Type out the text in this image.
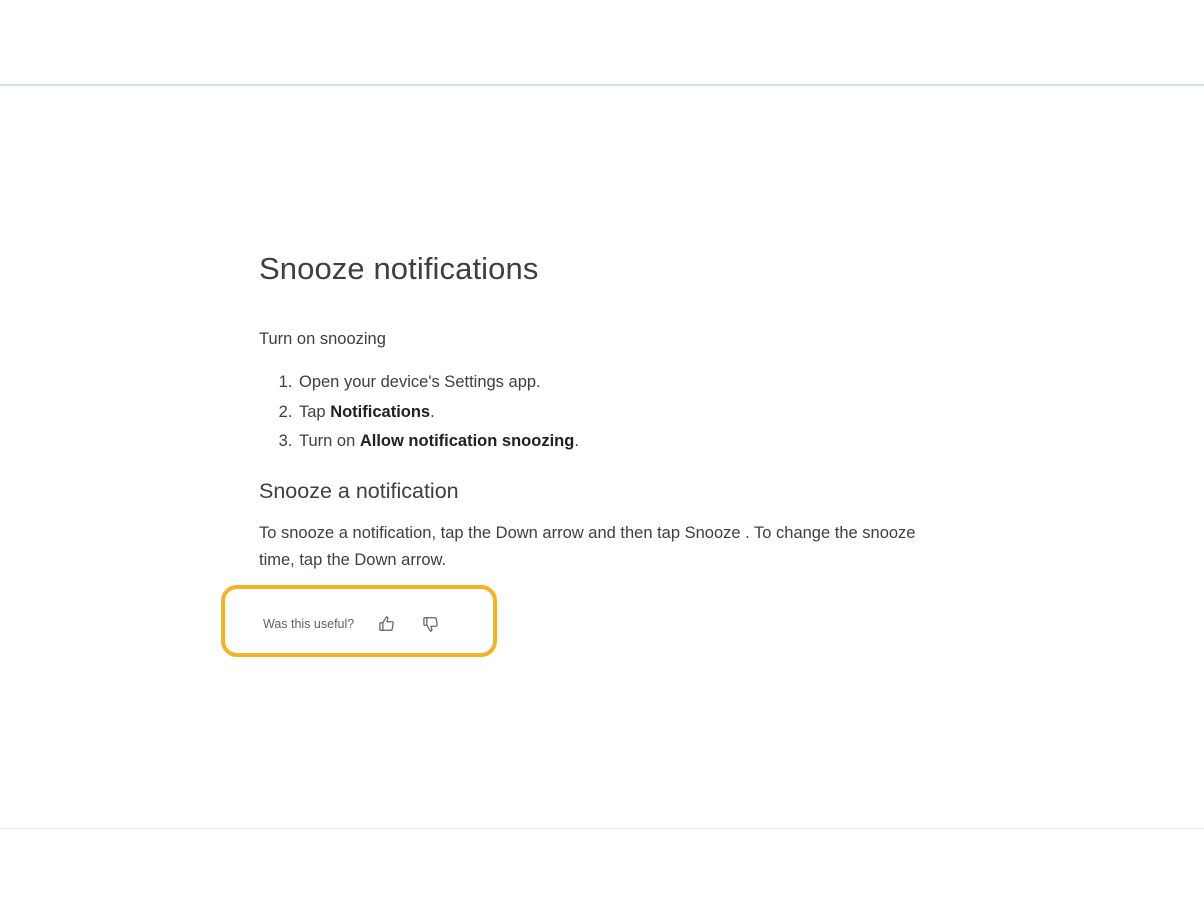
Snooze notifications

Turn on snoozing

1. Open your device's Settings app.
2. Tap Notifications.
3. Turn on Allow notification snoozing.
Snooze a notification

To snooze a notification, tap the Down arrow and then tap Snooze . To change the snooze time, tap the Down arrow.

Was this useful?
